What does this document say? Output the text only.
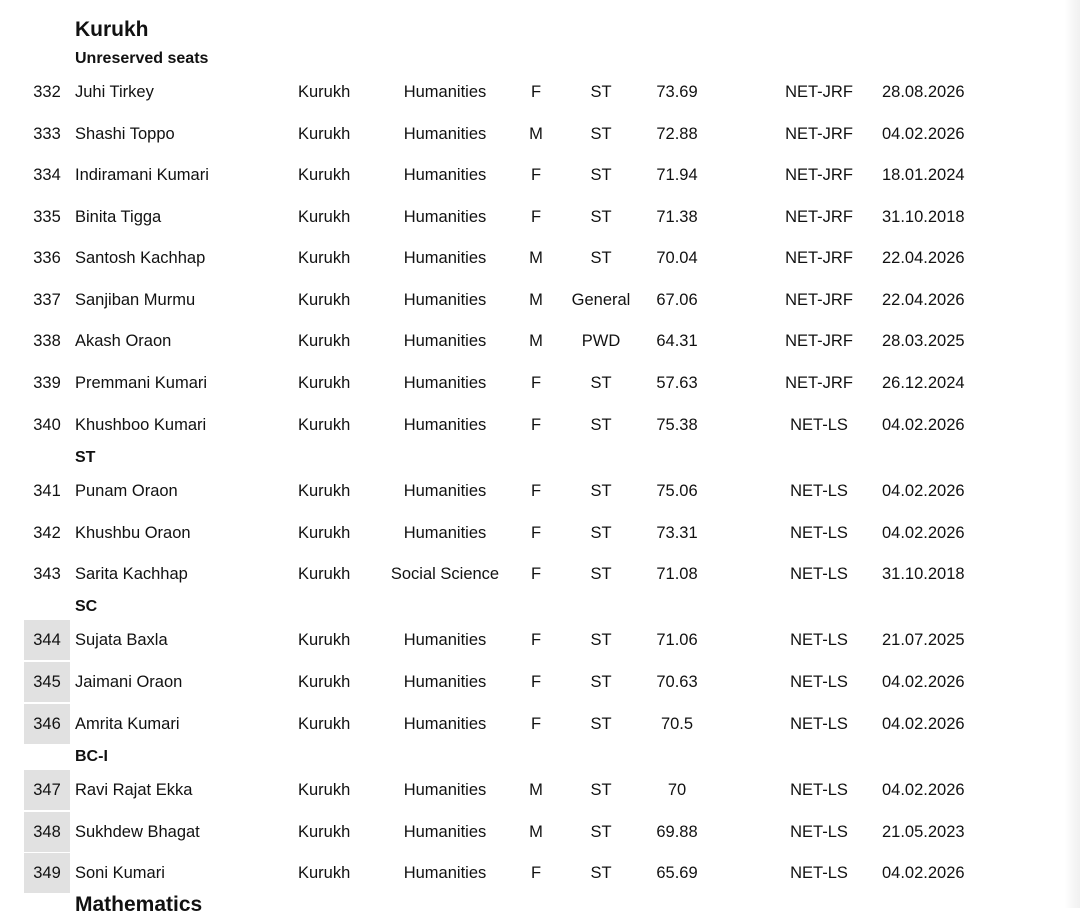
Kurukh
Unreserved seats
332 Juhi Tirkey	Kurukh	Humanities	F	ST	73.69	NET-JRF	28.08.2026
333 Shashi Toppo	Kurukh	Humanities	M	ST	72.88	NET-JRF	04.02.2026
334 Indiramani Kumari	Kurukh	Humanities	F	ST	71.94	NET-JRF	18.01.2024
335 Binita Tigga	Kurukh	Humanities	F	ST	71.38	NET-JRF	31.10.2018
336 Santosh Kachhap	Kurukh	Humanities	M	ST	70.04	NET-JRF	22.04.2026
337 Sanjiban Murmu	Kurukh	Humanities	M	General	67.06	NET-JRF	22.04.2026
338 Akash Oraon	Kurukh	Humanities	M	PWD	64.31	NET-JRF	28.03.2025
339 Premmani Kumari	Kurukh	Humanities	F	ST	57.63	NET-JRF	26.12.2024
340 Khushboo Kumari	Kurukh	Humanities	F	ST	75.38	NET-LS	04.02.2026
ST
341 Punam Oraon	Kurukh	Humanities	F	ST	75.06	NET-LS	04.02.2026
342 Khushbu Oraon	Kurukh	Humanities	F	ST	73.31	NET-LS	04.02.2026
343 Sarita Kachhap	Kurukh	Social Science	F	ST	71.08	NET-LS	31.10.2018
SC
344 Sujata Baxla	Kurukh	Humanities	F	ST	71.06	NET-LS	21.07.2025
345 Jaimani Oraon	Kurukh	Humanities	F	ST	70.63	NET-LS	04.02.2026
346 Amrita Kumari	Kurukh	Humanities	F	ST	70.5	NET-LS	04.02.2026
BC-I
347 Ravi Rajat Ekka	Kurukh	Humanities	M	ST	70	NET-LS	04.02.2026
348 Sukhdew Bhagat	Kurukh	Humanities	M	ST	69.88	NET-LS	21.05.2023
349 Soni Kumari	Kurukh	Humanities	F	ST	65.69	NET-LS	04.02.2026
Mathematics
